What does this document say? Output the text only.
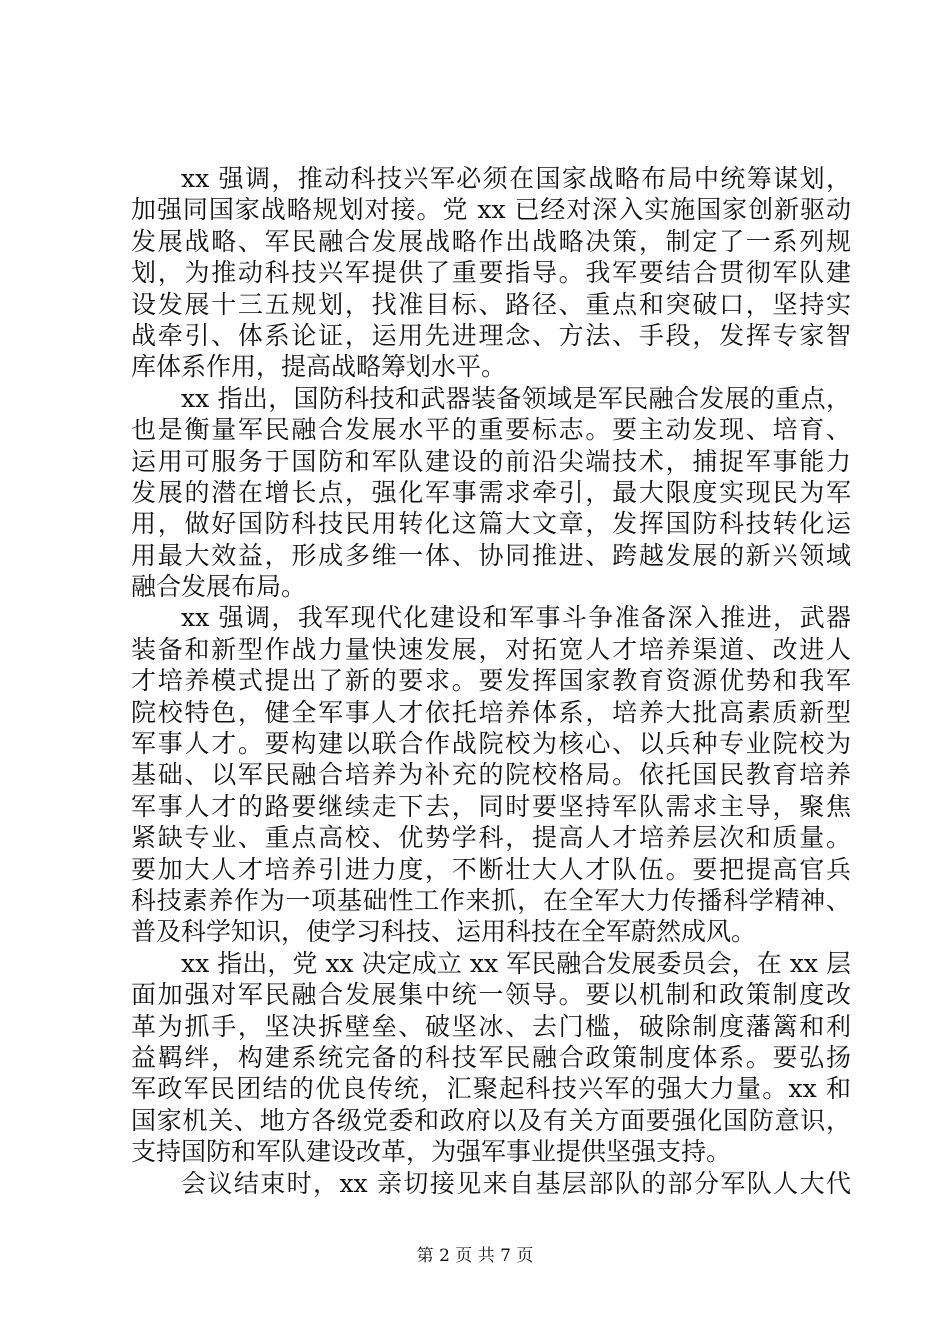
xx 强调，推动科技兴军必须在国家战略布局中统筹谋划，
加强同国家战略规划对接。党 xx 已经对深入实施国家创新驱动
发展战略、军民融合发展战略作出战略决策，制定了一系列规
划，为推动科技兴军提供了重要指导。我军要结合贯彻军队建
设发展十三五规划，找准目标、路径、重点和突破口，坚持实
战牵引、体系论证，运用先进理念、方法、手段，发挥专家智
库体系作用，提高战略筹划水平。
xx 指出，国防科技和武器装备领域是军民融合发展的重点，
也是衡量军民融合发展水平的重要标志。要主动发现、培育、
运用可服务于国防和军队建设的前沿尖端技术，捕捉军事能力
发展的潜在增长点，强化军事需求牵引，最大限度实现民为军
用，做好国防科技民用转化这篇大文章，发挥国防科技转化运
用最大效益，形成多维一体、协同推进、跨越发展的新兴领域
融合发展布局。
xx 强调，我军现代化建设和军事斗争准备深入推进，武器
装备和新型作战力量快速发展，对拓宽人才培养渠道、改进人
才培养模式提出了新的要求。要发挥国家教育资源优势和我军
院校特色，健全军事人才依托培养体系，培养大批高素质新型
军事人才。要构建以联合作战院校为核心、以兵种专业院校为
基础、以军民融合培养为补充的院校格局。依托国民教育培养
军事人才的路要继续走下去，同时要坚持军队需求主导，聚焦
紧缺专业、重点高校、优势学科，提高人才培养层次和质量。
要加大人才培养引进力度，不断壮大人才队伍。要把提高官兵
科技素养作为一项基础性工作来抓，在全军大力传播科学精神、
普及科学知识，使学习科技、运用科技在全军蔚然成风。
xx 指出，党 xx 决定成立 xx 军民融合发展委员会，在 xx 层
面加强对军民融合发展集中统一领导。要以机制和政策制度改
革为抓手，坚决拆壁垒、破坚冰、去门槛，破除制度藩篱和利
益羁绊，构建系统完备的科技军民融合政策制度体系。要弘扬
军政军民团结的优良传统，汇聚起科技兴军的强大力量。xx 和
国家机关、地方各级党委和政府以及有关方面要强化国防意识，
支持国防和军队建设改革，为强军事业提供坚强支持。
会议结束时，xx 亲切接见来自基层部队的部分军队人大代
第 2 页 共 7 页
